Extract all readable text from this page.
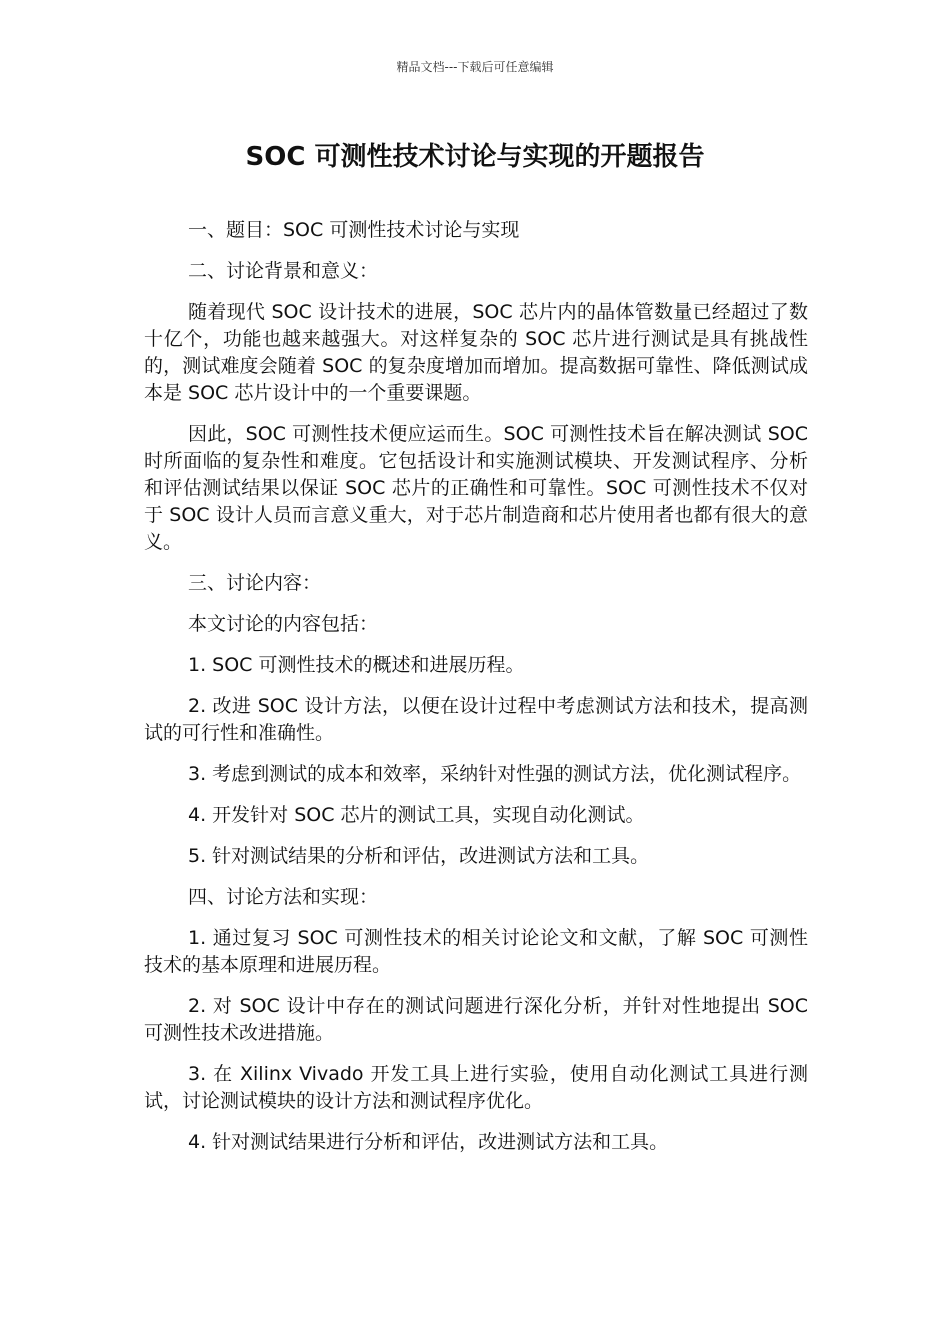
精品文档---下载后可任意编辑
SOC 可测性技术讨论与实现的开题报告

一、题目：SOC 可测性技术讨论与实现

二、讨论背景和意义：

随着现代 SOC 设计技术的进展，SOC 芯片内的晶体管数量已经超过了数十亿个，功能也越来越强大。对这样复杂的 SOC 芯片进行测试是具有挑战性的，测试难度会随着 SOC 的复杂度增加而增加。提高数据可靠性、降低测试成本是 SOC 芯片设计中的一个重要课题。

因此，SOC 可测性技术便应运而生。SOC 可测性技术旨在解决测试 SOC 时所面临的复杂性和难度。它包括设计和实施测试模块、开发测试程序、分析和评估测试结果以保证 SOC 芯片的正确性和可靠性。SOC 可测性技术不仅对于 SOC 设计人员而言意义重大，对于芯片制造商和芯片使用者也都有很大的意义。

三、讨论内容：

本文讨论的内容包括：

1. SOC 可测性技术的概述和进展历程。

2. 改进 SOC 设计方法，以便在设计过程中考虑测试方法和技术，提高测试的可行性和准确性。

3. 考虑到测试的成本和效率，采纳针对性强的测试方法，优化测试程序。

4. 开发针对 SOC 芯片的测试工具，实现自动化测试。

5. 针对测试结果的分析和评估，改进测试方法和工具。

四、讨论方法和实现：

1. 通过复习 SOC 可测性技术的相关讨论论文和文献，了解 SOC 可测性技术的基本原理和进展历程。

2. 对 SOC 设计中存在的测试问题进行深化分析，并针对性地提出 SOC 可测性技术改进措施。

3. 在 Xilinx Vivado 开发工具上进行实验，使用自动化测试工具进行测试，讨论测试模块的设计方法和测试程序优化。

4. 针对测试结果进行分析和评估，改进测试方法和工具。
